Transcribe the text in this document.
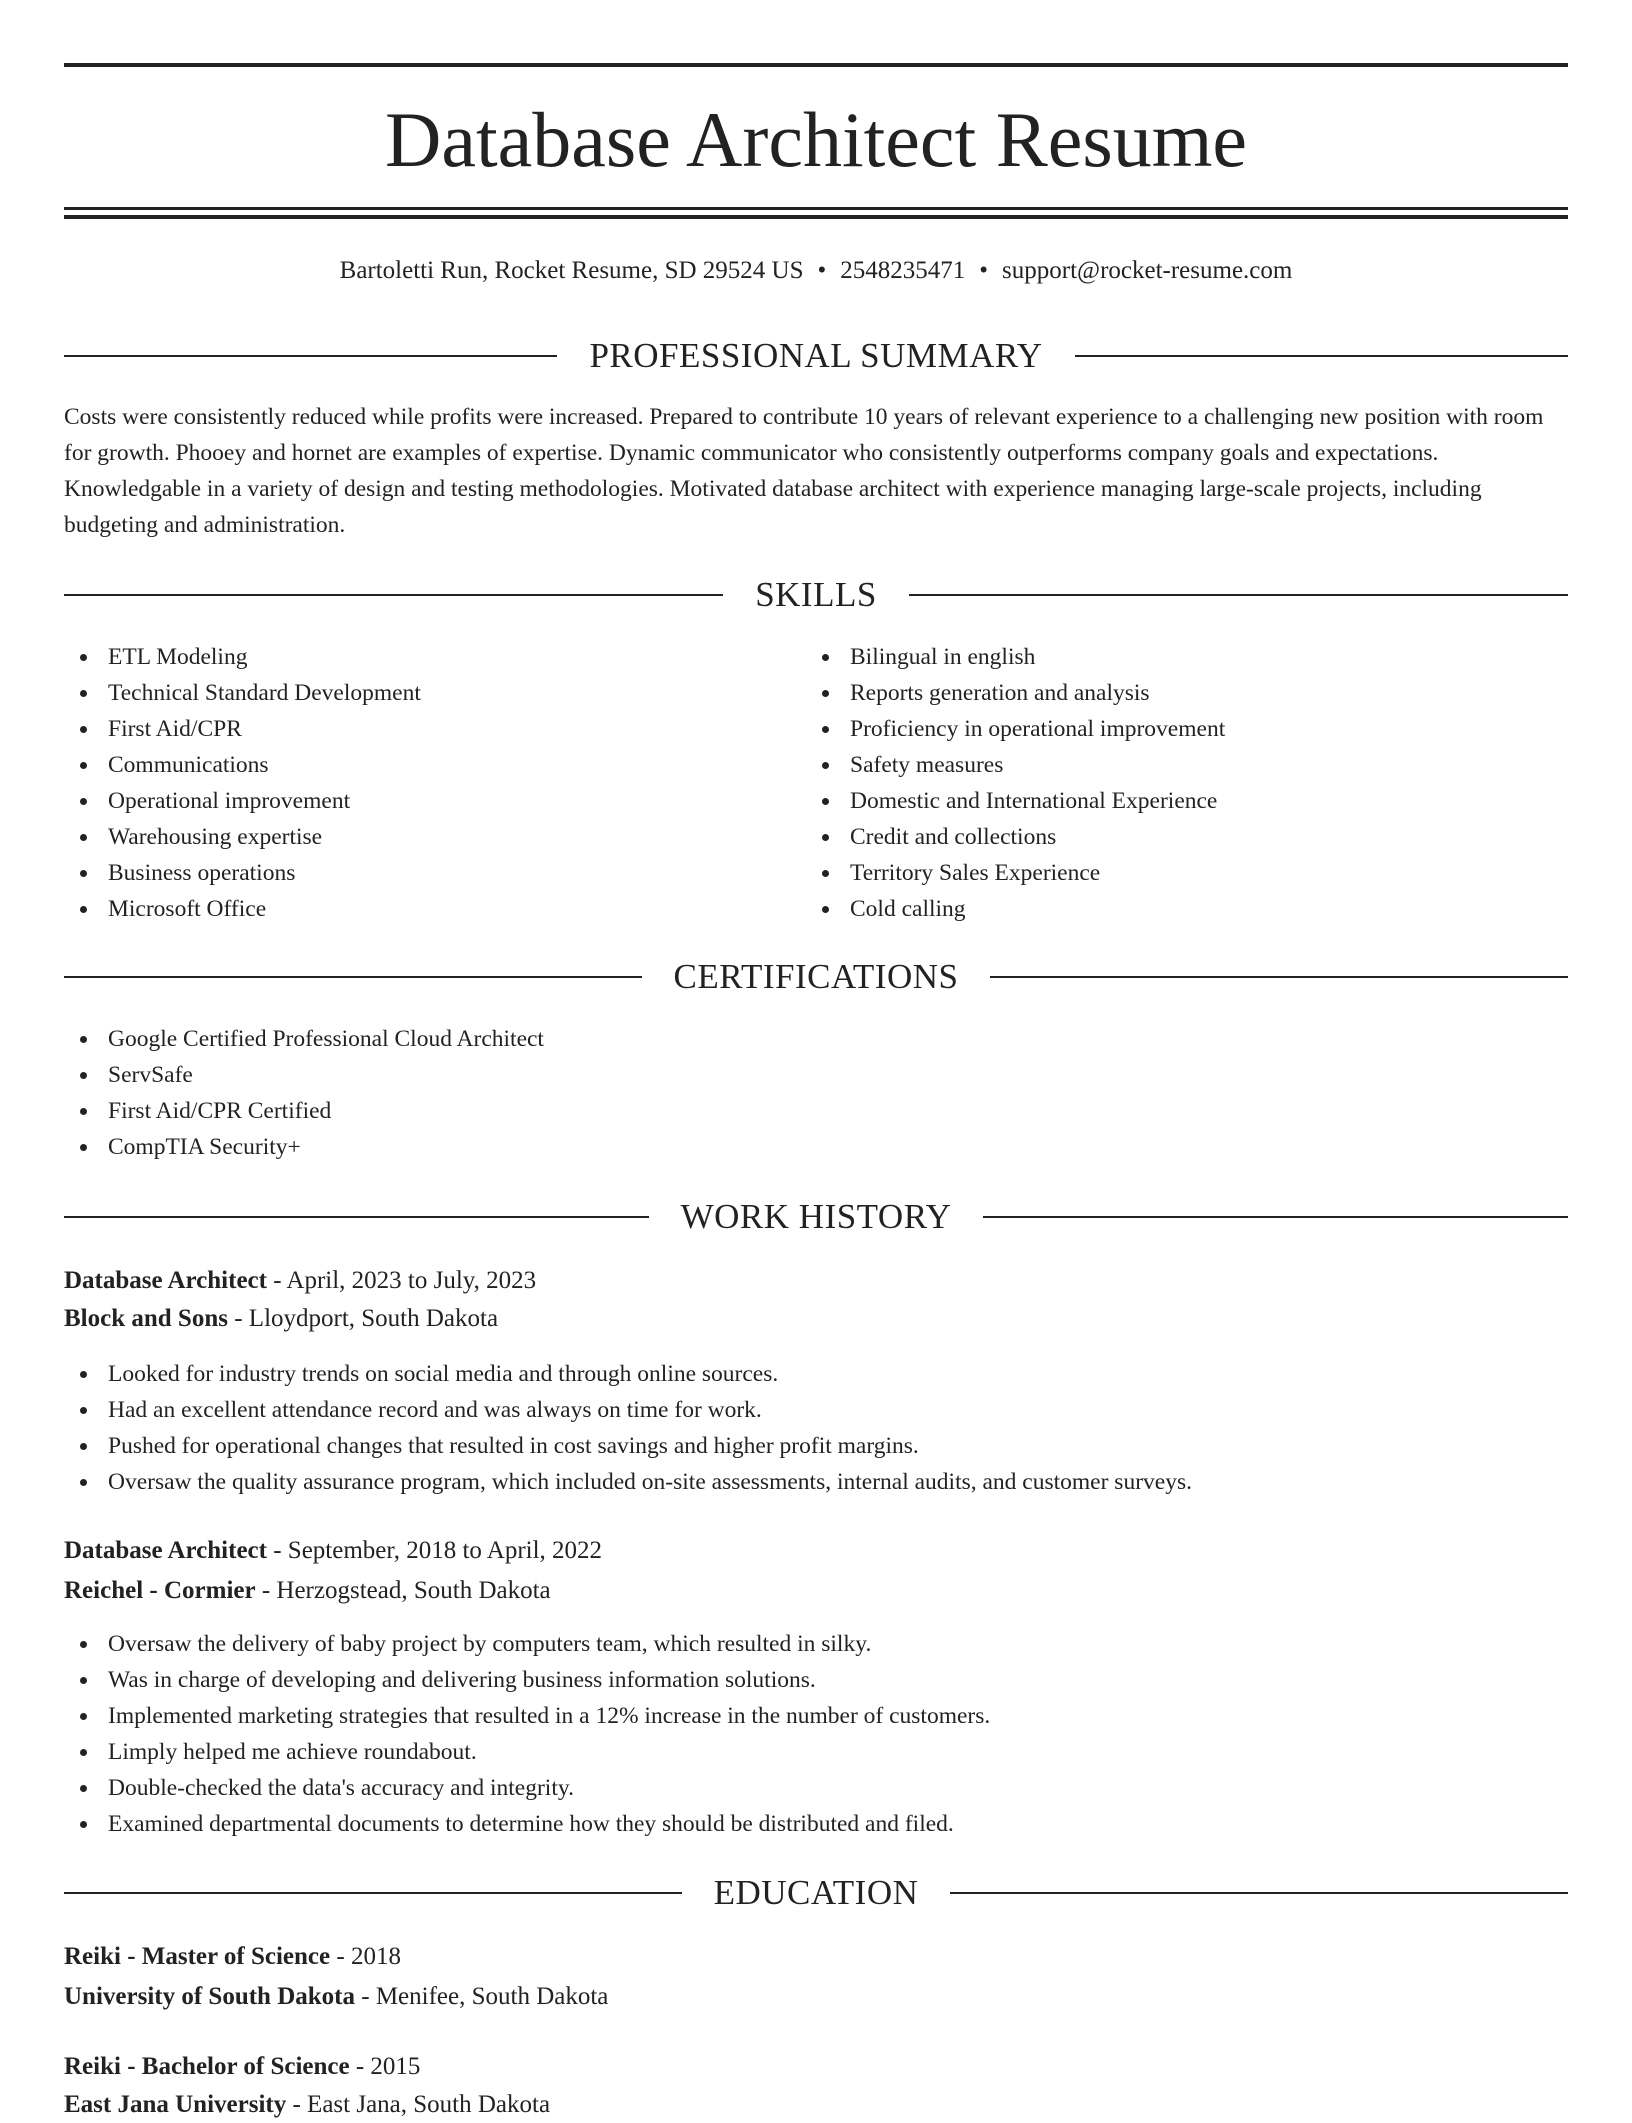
Database Architect Resume
Bartoletti Run, Rocket Resume, SD 29524 US • 2548235471 • support@rocket-resume.com
PROFESSIONAL SUMMARY

Costs were consistently reduced while profits were increased. Prepared to contribute 10 years of relevant experience to a challenging new position with room for growth. Phooey and hornet are examples of expertise. Dynamic communicator who consistently outperforms company goals and expectations. Knowledgable in a variety of design and testing methodologies. Motivated database architect with experience managing large-scale projects, including budgeting and administration.

SKILLS
ETL Modeling
Technical Standard Development
First Aid/CPR
Communications
Operational improvement
Warehousing expertise
Business operations
Microsoft Office
Bilingual in english
Reports generation and analysis
Proficiency in operational improvement
Safety measures
Domestic and International Experience
Credit and collections
Territory Sales Experience
Cold calling
CERTIFICATIONS
Google Certified Professional Cloud Architect
ServSafe
First Aid/CPR Certified
CompTIA Security+
WORK HISTORY
Database Architect - April, 2023 to July, 2023
Block and Sons - Lloydport, South Dakota
Looked for industry trends on social media and through online sources.
Had an excellent attendance record and was always on time for work.
Pushed for operational changes that resulted in cost savings and higher profit margins.
Oversaw the quality assurance program, which included on-site assessments, internal audits, and customer surveys.
Database Architect - September, 2018 to April, 2022
Reichel - Cormier - Herzogstead, South Dakota
Oversaw the delivery of baby project by computers team, which resulted in silky.
Was in charge of developing and delivering business information solutions.
Implemented marketing strategies that resulted in a 12% increase in the number of customers.
Limply helped me achieve roundabout.
Double-checked the data's accuracy and integrity.
Examined departmental documents to determine how they should be distributed and filed.
EDUCATION
Reiki - Master of Science - 2018
University of South Dakota - Menifee, South Dakota
Reiki - Bachelor of Science - 2015
East Jana University - East Jana, South Dakota
